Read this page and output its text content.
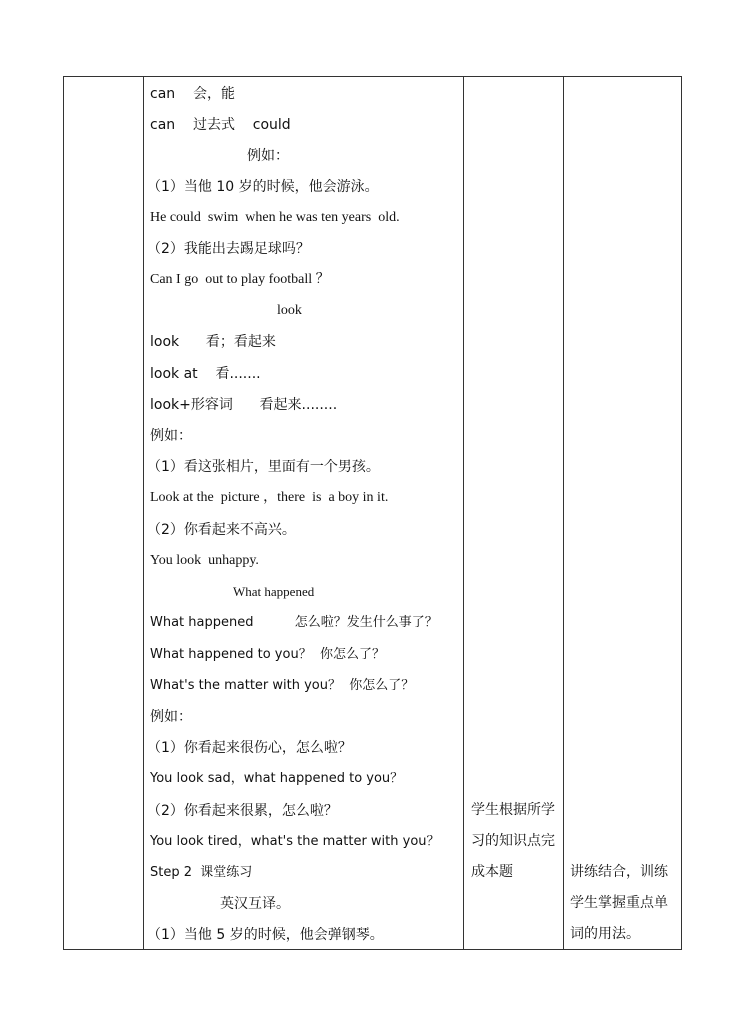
can    会，能
can    过去式    could
例如：
（1）当他 10 岁的时候，他会游泳。
He could  swim  when he was ten years  old.
（2）我能出去踢足球吗？
Can I go  out to play football ？
look
look      看；看起来
look at    看.......
look+形容词      看起来........
例如：
（1）看这张相片，里面有一个男孩。
Look at the  picture ，there  is  a boy in it.
（2）你看起来不高兴。
You look  unhappy.
What happened
What happened          怎么啦？发生什么事了？
What happened to you？  你怎么了？
What's the matter with you？  你怎么了？
例如：
（1）你看起来很伤心，怎么啦？
You look sad，what happened to you？
（2）你看起来很累，怎么啦？
You look tired，what's the matter with you？
Step 2  课堂练习
英汉互译。
（1）当他 5 岁的时候，他会弹钢琴。
学生根据所学
习的知识点完
成本题	讲练结合，训练
学生掌握重点单
词的用法。
